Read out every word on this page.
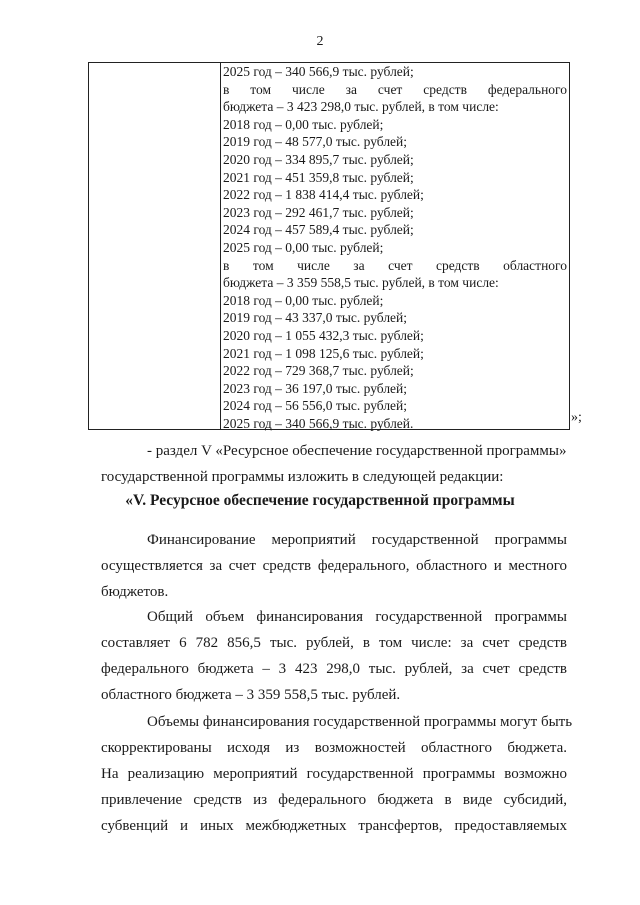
2
2025 год – 340 566,9 тыс. рублей;
в том числе за счет средств федерального
бюджета – 3 423 298,0 тыс. рублей, в том числе:
2018 год – 0,00 тыс. рублей;
2019 год – 48 577,0 тыс. рублей;
2020 год – 334 895,7 тыс. рублей;
2021 год – 451 359,8 тыс. рублей;
2022 год – 1 838 414,4 тыс. рублей;
2023 год – 292 461,7 тыс. рублей;
2024 год – 457 589,4 тыс. рублей;
2025 год – 0,00 тыс. рублей;
в том числе за счет средств областного
бюджета – 3 359 558,5 тыс. рублей, в том числе:
2018 год – 0,00 тыс. рублей;
2019 год – 43 337,0 тыс. рублей;
2020 год – 1 055 432,3 тыс. рублей;
2021 год – 1 098 125,6 тыс. рублей;
2022 год – 729 368,7 тыс. рублей;
2023 год – 36 197,0 тыс. рублей;
2024 год – 56 556,0 тыс. рублей;
2025 год – 340 566,9 тыс. рублей.	»;
- раздел V «Ресурсное обеспечение государственной программы»
государственной программы изложить в следующей редакции:
«V. Ресурсное обеспечение государственной программы
Финансирование мероприятий государственной программы
осуществляется за счет средств федерального, областного и местного
бюджетов.
Общий объем финансирования государственной программы
составляет 6 782 856,5 тыс. рублей, в том числе: за счет средств
федерального бюджета – 3 423 298,0 тыс. рублей, за счет средств
областного бюджета – 3 359 558,5 тыс. рублей.
Объемы финансирования государственной программы могут быть
скорректированы исходя из возможностей областного бюджета.
На реализацию мероприятий государственной программы возможно
привлечение средств из федерального бюджета в виде субсидий,
субвенций и иных межбюджетных трансфертов, предоставляемых
